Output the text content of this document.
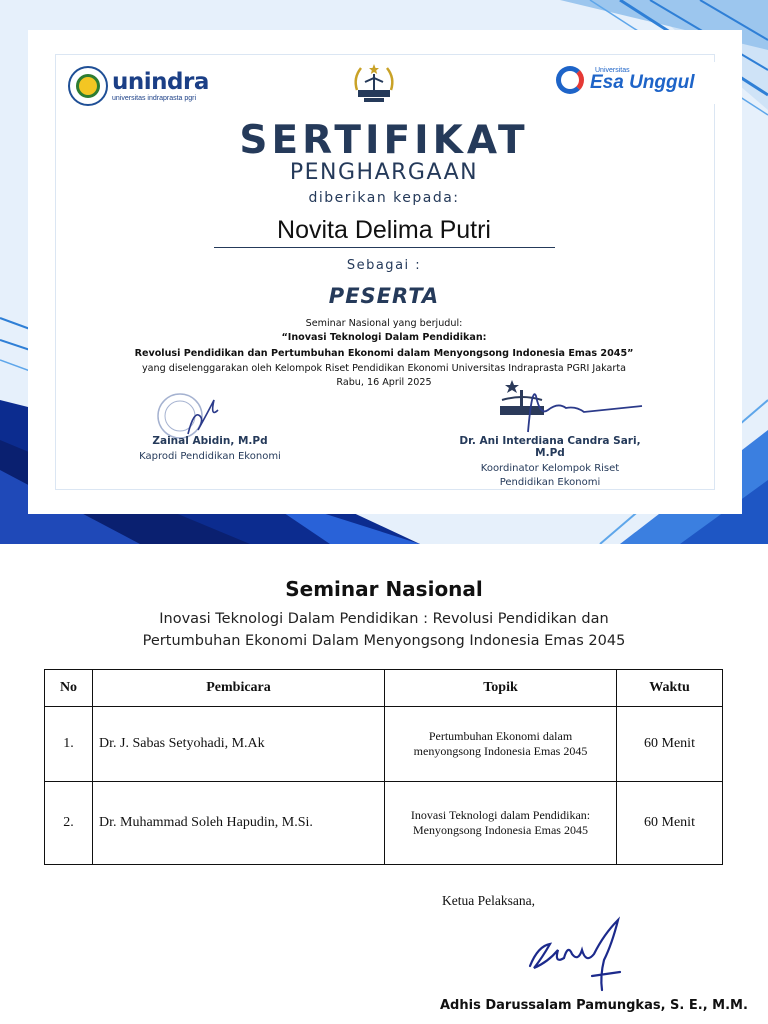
unindra
universitas indraprasta pgri
Universitas
Esa Unggul
SERTIFIKAT
PENGHARGAAN
diberikan kepada:
Novita Delima Putri
Sebagai :
PESERTA
Seminar Nasional yang berjudul:
“Inovasi Teknologi Dalam Pendidikan:
Revolusi Pendidikan dan Pertumbuhan Ekonomi dalam Menyongsong Indonesia Emas 2045”
yang diselenggarakan oleh Kelompok Riset Pendidikan Ekonomi Universitas Indraprasta PGRI Jakarta
Rabu, 16 April 2025
Zainal Abidin, M.Pd
Kaprodi Pendidikan Ekonomi
Dr. Ani Interdiana Candra Sari, M.Pd
Koordinator Kelompok Riset
Pendidikan Ekonomi
Seminar Nasional
Inovasi Teknologi Dalam Pendidikan : Revolusi Pendidikan dan
Pertumbuhan Ekonomi Dalam Menyongsong Indonesia Emas 2045
No	Pembicara	Topik	Waktu
1.	Dr. J. Sabas Setyohadi, M.Ak	Pertumbuhan Ekonomi dalam
menyongsong Indonesia Emas 2045	60 Menit
2.	Dr. Muhammad Soleh Hapudin, M.Si.	Inovasi Teknologi dalam Pendidikan:
Menyongsong Indonesia Emas 2045	60 Menit
Ketua Pelaksana,
Adhis Darussalam Pamungkas, S. E., M.M.
